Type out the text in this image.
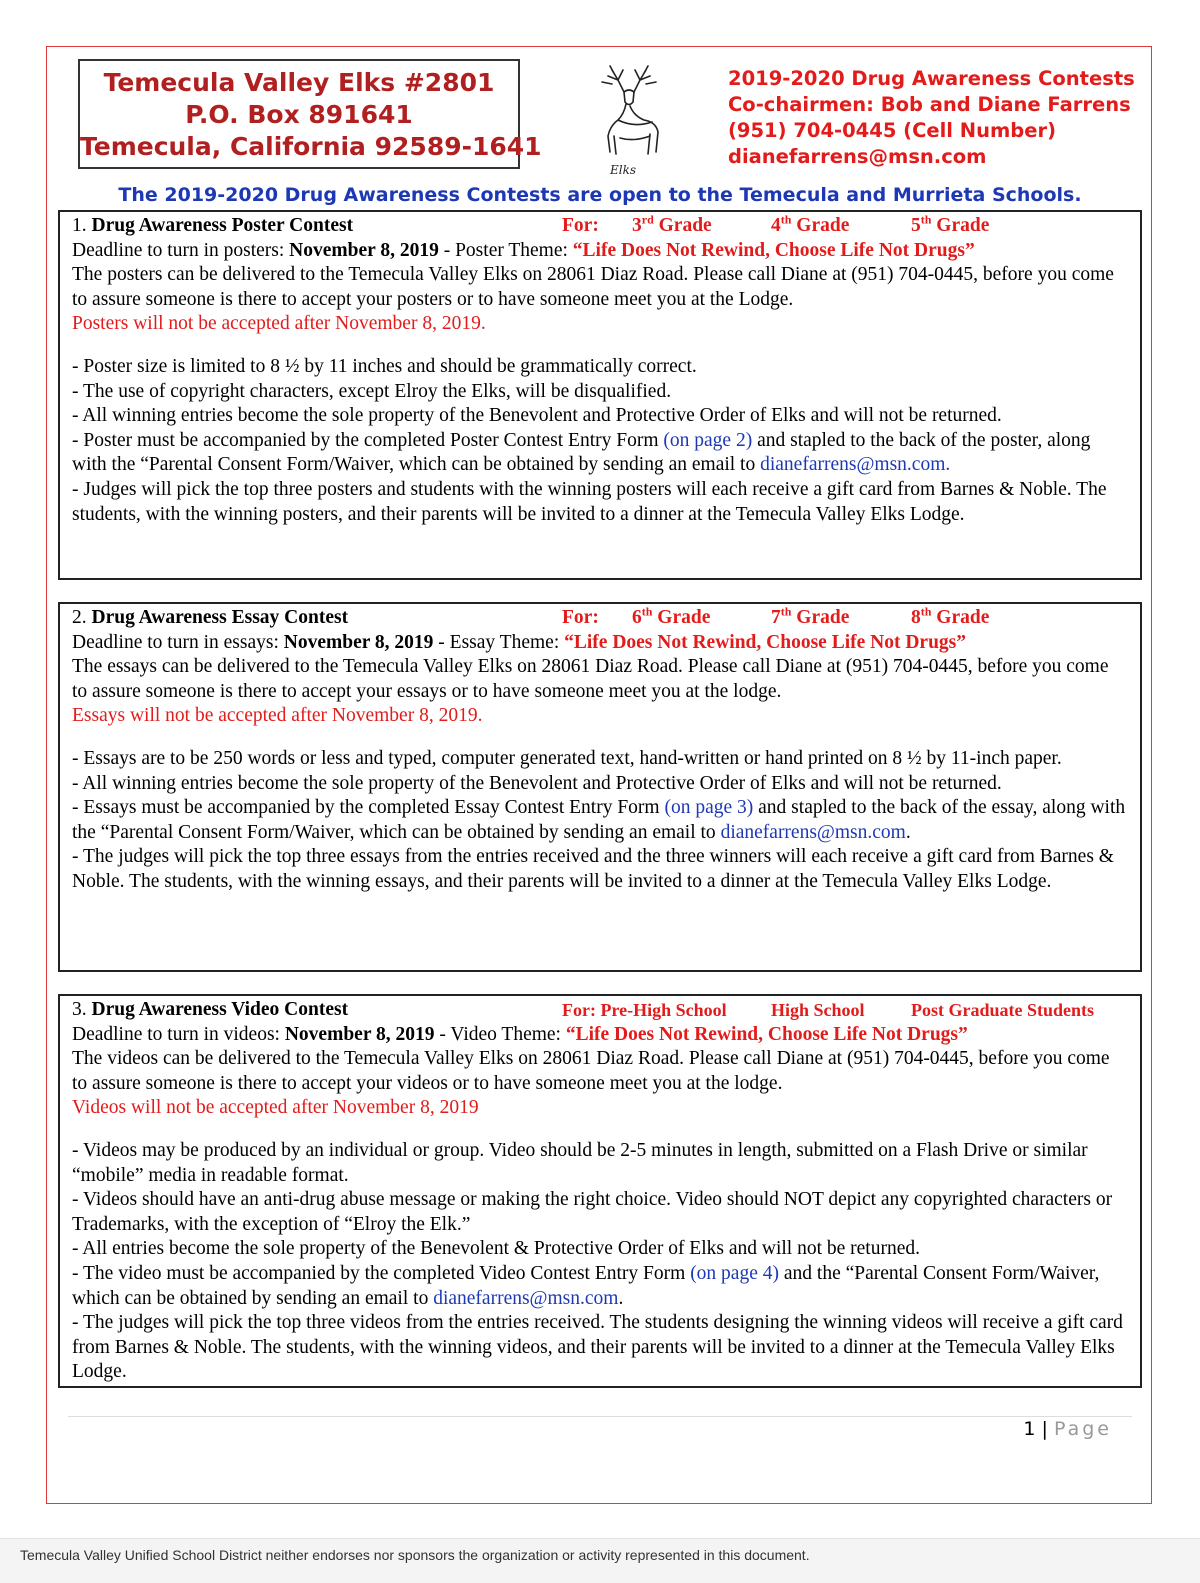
Temecula Valley Elks #2801
P.O. Box 891641
Temecula, California 92589-1641
Elks
2019-2020 Drug Awareness Contests
Co-chairmen: Bob and Diane Farrens
(951) 704-0445 (Cell Number)
dianefarrens@msn.com
The 2019-2020 Drug Awareness Contests are open to the Temecula and Murrieta Schools.
1. Drug Awareness Poster Contest	For: 3rd Grade	4th Grade	5th Grade

Deadline to turn in posters: November 8, 2019 - Poster Theme: “Life Does Not Rewind, Choose Life Not Drugs”

The posters can be delivered to the Temecula Valley Elks on 28061 Diaz Road. Please call Diane at (951) 704-0445, before you come to assure someone is there to accept your posters or to have someone meet you at the Lodge.

Posters will not be accepted after November 8, 2019.

- Poster size is limited to 8 ½ by 11 inches and should be grammatically correct.

- The use of copyright characters, except Elroy the Elks, will be disqualified.

- All winning entries become the sole property of the Benevolent and Protective Order of Elks and will not be returned.

- Poster must be accompanied by the completed Poster Contest Entry Form (on page 2) and stapled to the back of the poster, along with the “Parental Consent Form/Waiver, which can be obtained by sending an email to dianefarrens@msn.com.

- Judges will pick the top three posters and students with the winning posters will each receive a gift card from Barnes & Noble. The students, with the winning posters, and their parents will be invited to a dinner at the Temecula Valley Elks Lodge.

2. Drug Awareness Essay Contest	For: 6th Grade	7th Grade	8th Grade

Deadline to turn in essays: November 8, 2019 - Essay Theme: “Life Does Not Rewind, Choose Life Not Drugs”

The essays can be delivered to the Temecula Valley Elks on 28061 Diaz Road. Please call Diane at (951) 704-0445, before you come to assure someone is there to accept your essays or to have someone meet you at the lodge.

Essays will not be accepted after November 8, 2019.

- Essays are to be 250 words or less and typed, computer generated text, hand-written or hand printed on 8 ½ by 11-inch paper.

- All winning entries become the sole property of the Benevolent and Protective Order of Elks and will not be returned.

- Essays must be accompanied by the completed Essay Contest Entry Form (on page 3) and stapled to the back of the essay, along with the “Parental Consent Form/Waiver, which can be obtained by sending an email to dianefarrens@msn.com.

- The judges will pick the top three essays from the entries received and the three winners will each receive a gift card from Barnes & Noble. The students, with the winning essays, and their parents will be invited to a dinner at the Temecula Valley Elks Lodge.

3. Drug Awareness Video Contest	For: Pre-High School High School	Post Graduate Students

Deadline to turn in videos: November 8, 2019 - Video Theme: “Life Does Not Rewind, Choose Life Not Drugs”

The videos can be delivered to the Temecula Valley Elks on 28061 Diaz Road. Please call Diane at (951) 704-0445, before you come to assure someone is there to accept your videos or to have someone meet you at the lodge.

Videos will not be accepted after November 8, 2019

- Videos may be produced by an individual or group. Video should be 2-5 minutes in length, submitted on a Flash Drive or similar “mobile” media in readable format.

- Videos should have an anti-drug abuse message or making the right choice. Video should NOT depict any copyrighted characters or Trademarks, with the exception of “Elroy the Elk.”

- All entries become the sole property of the Benevolent & Protective Order of Elks and will not be returned.

- The video must be accompanied by the completed Video Contest Entry Form (on page 4) and the “Parental Consent Form/Waiver, which can be obtained by sending an email to dianefarrens@msn.com.

- The judges will pick the top three videos from the entries received. The students designing the winning videos will receive a gift card from Barnes & Noble. The students, with the winning videos, and their parents will be invited to a dinner at the Temecula Valley Elks Lodge.

1 | Page
Temecula Valley Unified School District neither endorses nor sponsors the organization or activity represented in this document.
